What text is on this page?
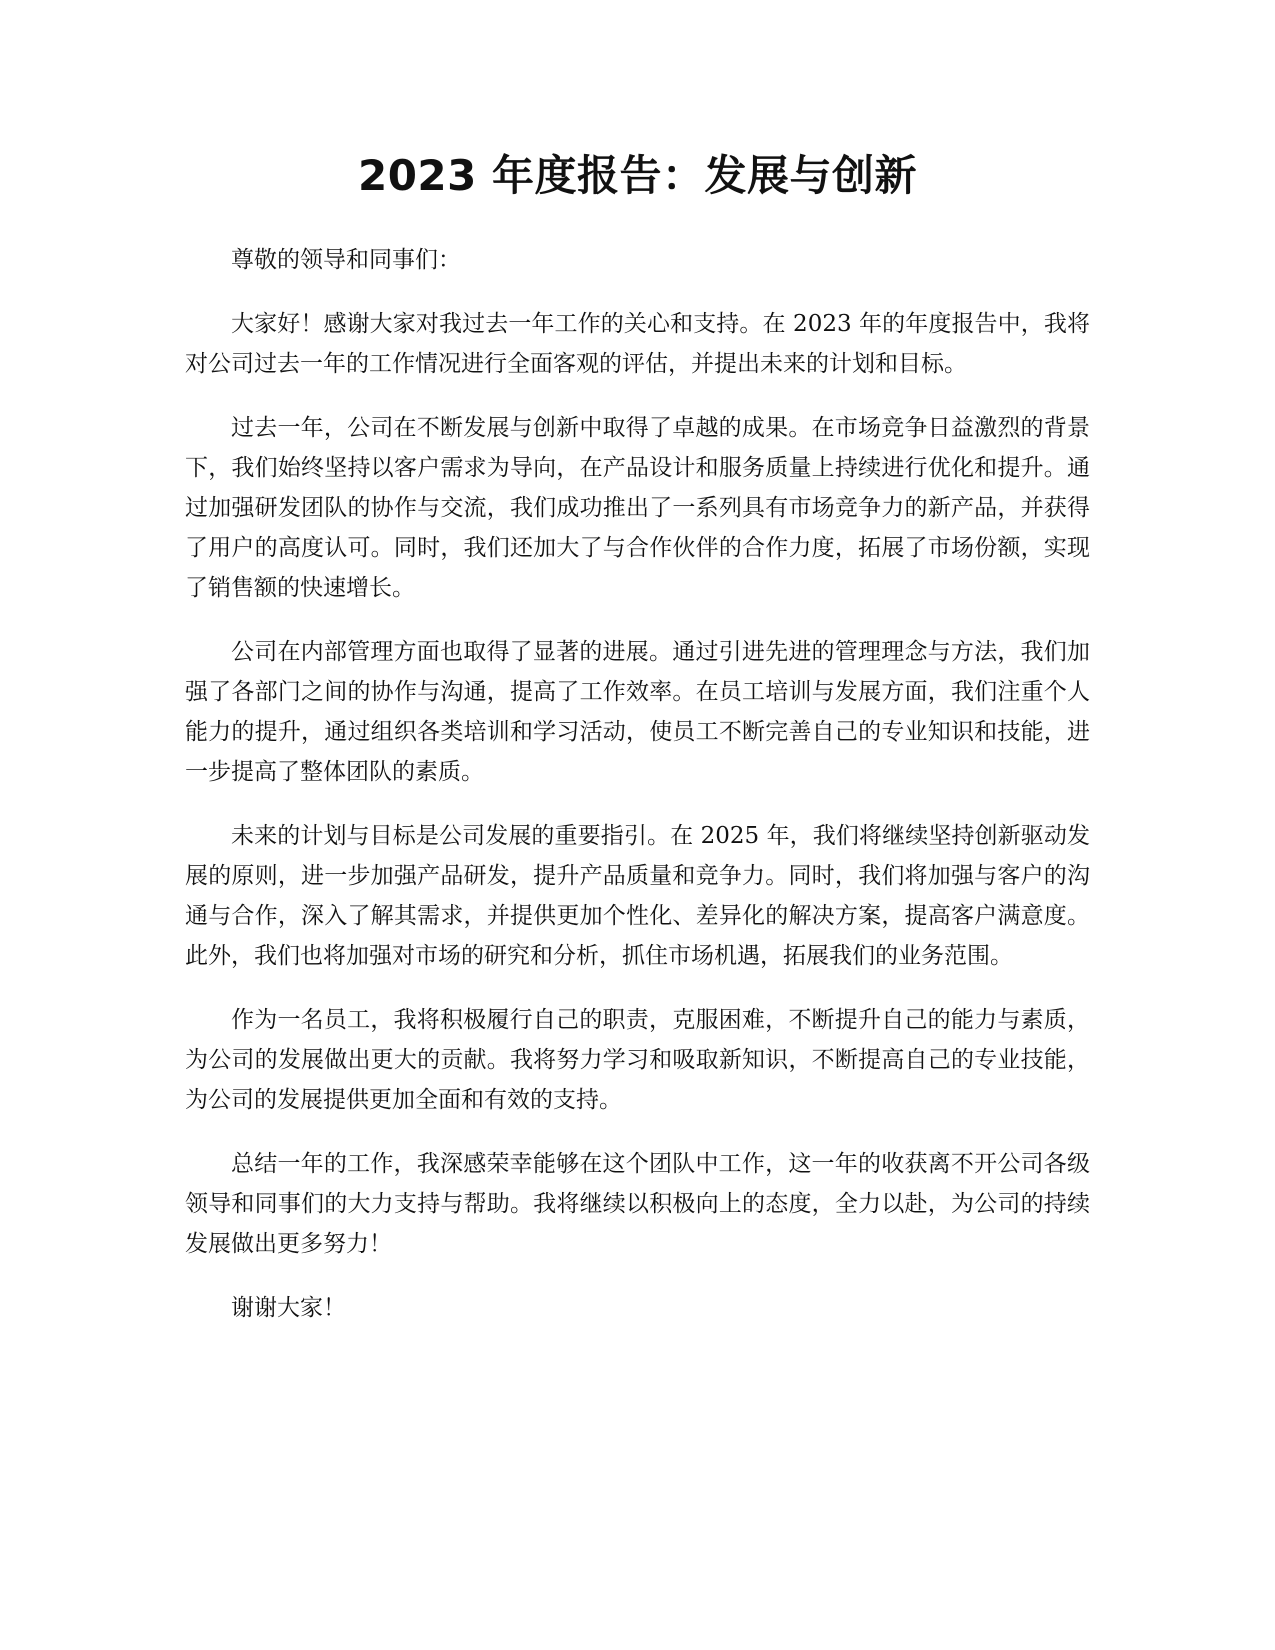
2023 年度报告：发展与创新

尊敬的领导和同事们：

大家好！感谢大家对我过去一年工作的关心和支持。在 2023 年的年度报告中，我将对公司过去一年的工作情况进行全面客观的评估，并提出未来的计划和目标。

过去一年，公司在不断发展与创新中取得了卓越的成果。在市场竞争日益激烈的背景下，我们始终坚持以客户需求为导向，在产品设计和服务质量上持续进行优化和提升。通过加强研发团队的协作与交流，我们成功推出了一系列具有市场竞争力的新产品，并获得了用户的高度认可。同时，我们还加大了与合作伙伴的合作力度，拓展了市场份额，实现了销售额的快速增长。

公司在内部管理方面也取得了显著的进展。通过引进先进的管理理念与方法，我们加强了各部门之间的协作与沟通，提高了工作效率。在员工培训与发展方面，我们注重个人能力的提升，通过组织各类培训和学习活动，使员工不断完善自己的专业知识和技能，进一步提高了整体团队的素质。

未来的计划与目标是公司发展的重要指引。在 2025 年，我们将继续坚持创新驱动发展的原则，进一步加强产品研发，提升产品质量和竞争力。同时，我们将加强与客户的沟通与合作，深入了解其需求，并提供更加个性化、差异化的解决方案，提高客户满意度。此外，我们也将加强对市场的研究和分析，抓住市场机遇，拓展我们的业务范围。

作为一名员工，我将积极履行自己的职责，克服困难，不断提升自己的能力与素质，为公司的发展做出更大的贡献。我将努力学习和吸取新知识，不断提高自己的专业技能，为公司的发展提供更加全面和有效的支持。

总结一年的工作，我深感荣幸能够在这个团队中工作，这一年的收获离不开公司各级领导和同事们的大力支持与帮助。我将继续以积极向上的态度，全力以赴，为公司的持续发展做出更多努力！

谢谢大家！
